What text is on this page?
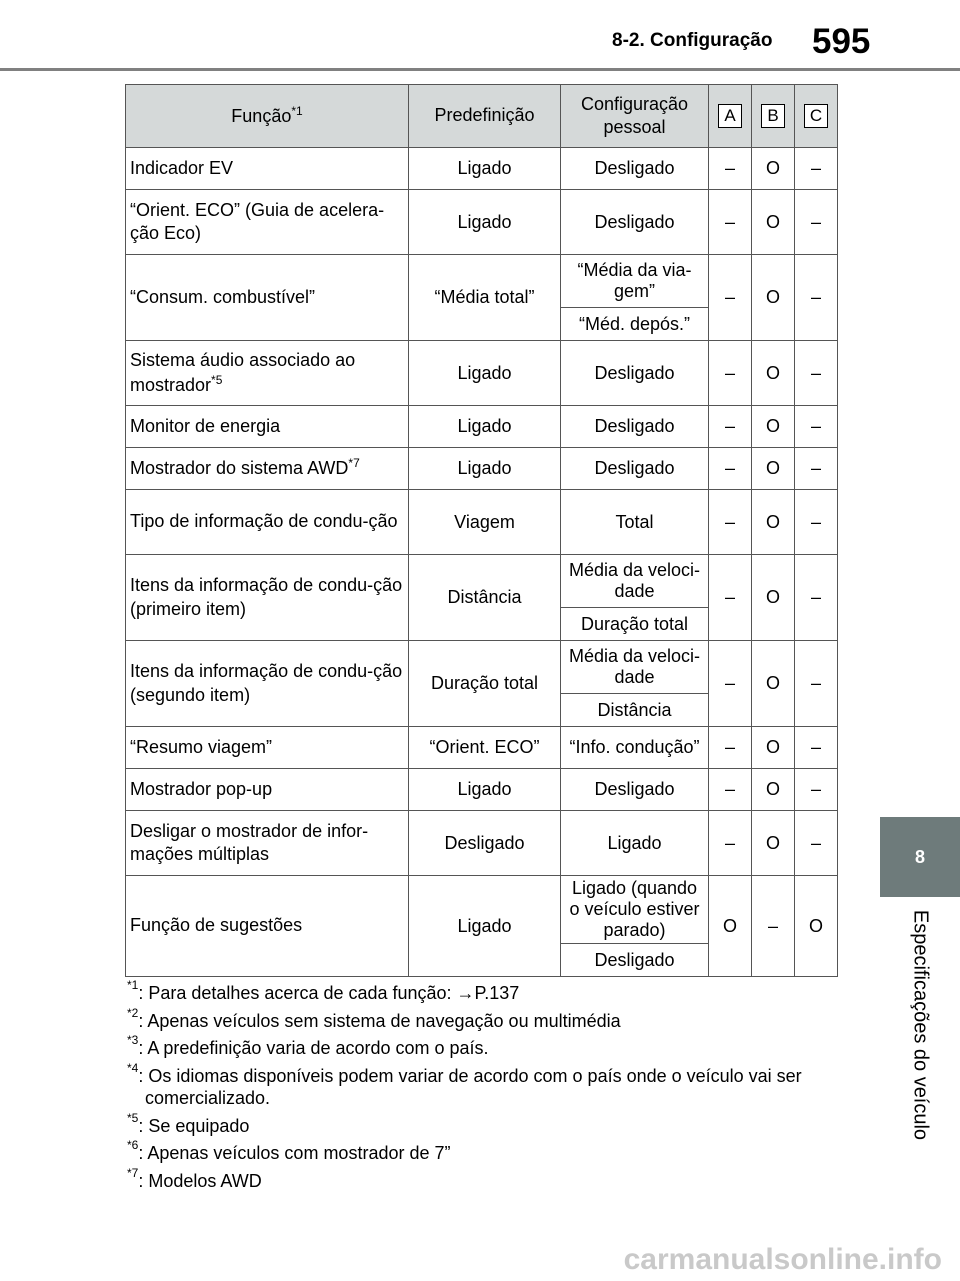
8-2. Configuração 595
8
Especificações do veículo
Função$^{*1}$	Predefinição	Configuração pessoal	A	B	C
Indicador EV	Ligado	Desligado	–	O	–
“Orient. ECO” (Guia de acelera-ção Eco)	Ligado	Desligado	–	O	–
“Consum. combustível”	“Média total”	“Média da via-gem”	–	O	–
		“Méd. depós.”			
Sistema áudio associado ao mostrador$^{*5}$	Ligado	Desligado	–	O	–
Monitor de energia	Ligado	Desligado	–	O	–
Mostrador do sistema AWD$^{*7}$	Ligado	Desligado	–	O	–
Tipo de informação de condu-ção	Viagem	Total	–	O	–
Itens da informação de condu-ção (primeiro item)	Distância	Média da veloci-dade	–	O	–
		Duração total			
Itens da informação de condu-ção (segundo item)	Duração total	Média da veloci-dade	–	O	–
		Distância			
“Resumo viagem”	“Orient. ECO”	“Info. condução”	–	O	–
Mostrador pop-up	Ligado	Desligado	–	O	–
Desligar o mostrador de infor-mações múltiplas	Desligado	Ligado	–	O	–
Função de sugestões	Ligado	Ligado (quando o veículo estiver parado)	O	–	O
		Desligado			
$^{*1}$: Para detalhes acerca de cada função: →P.137
$^{*2}$: Apenas veículos sem sistema de navegação ou multimédia
$^{*3}$: A predefinição varia de acordo com o país.
$^{*4}$: Os idiomas disponíveis podem variar de acordo com o país onde o veículo vai ser comercializado.
$^{*5}$: Se equipado
$^{*6}$: Apenas veículos com mostrador de 7”
$^{*7}$: Modelos AWD
carmanualsonline.info
